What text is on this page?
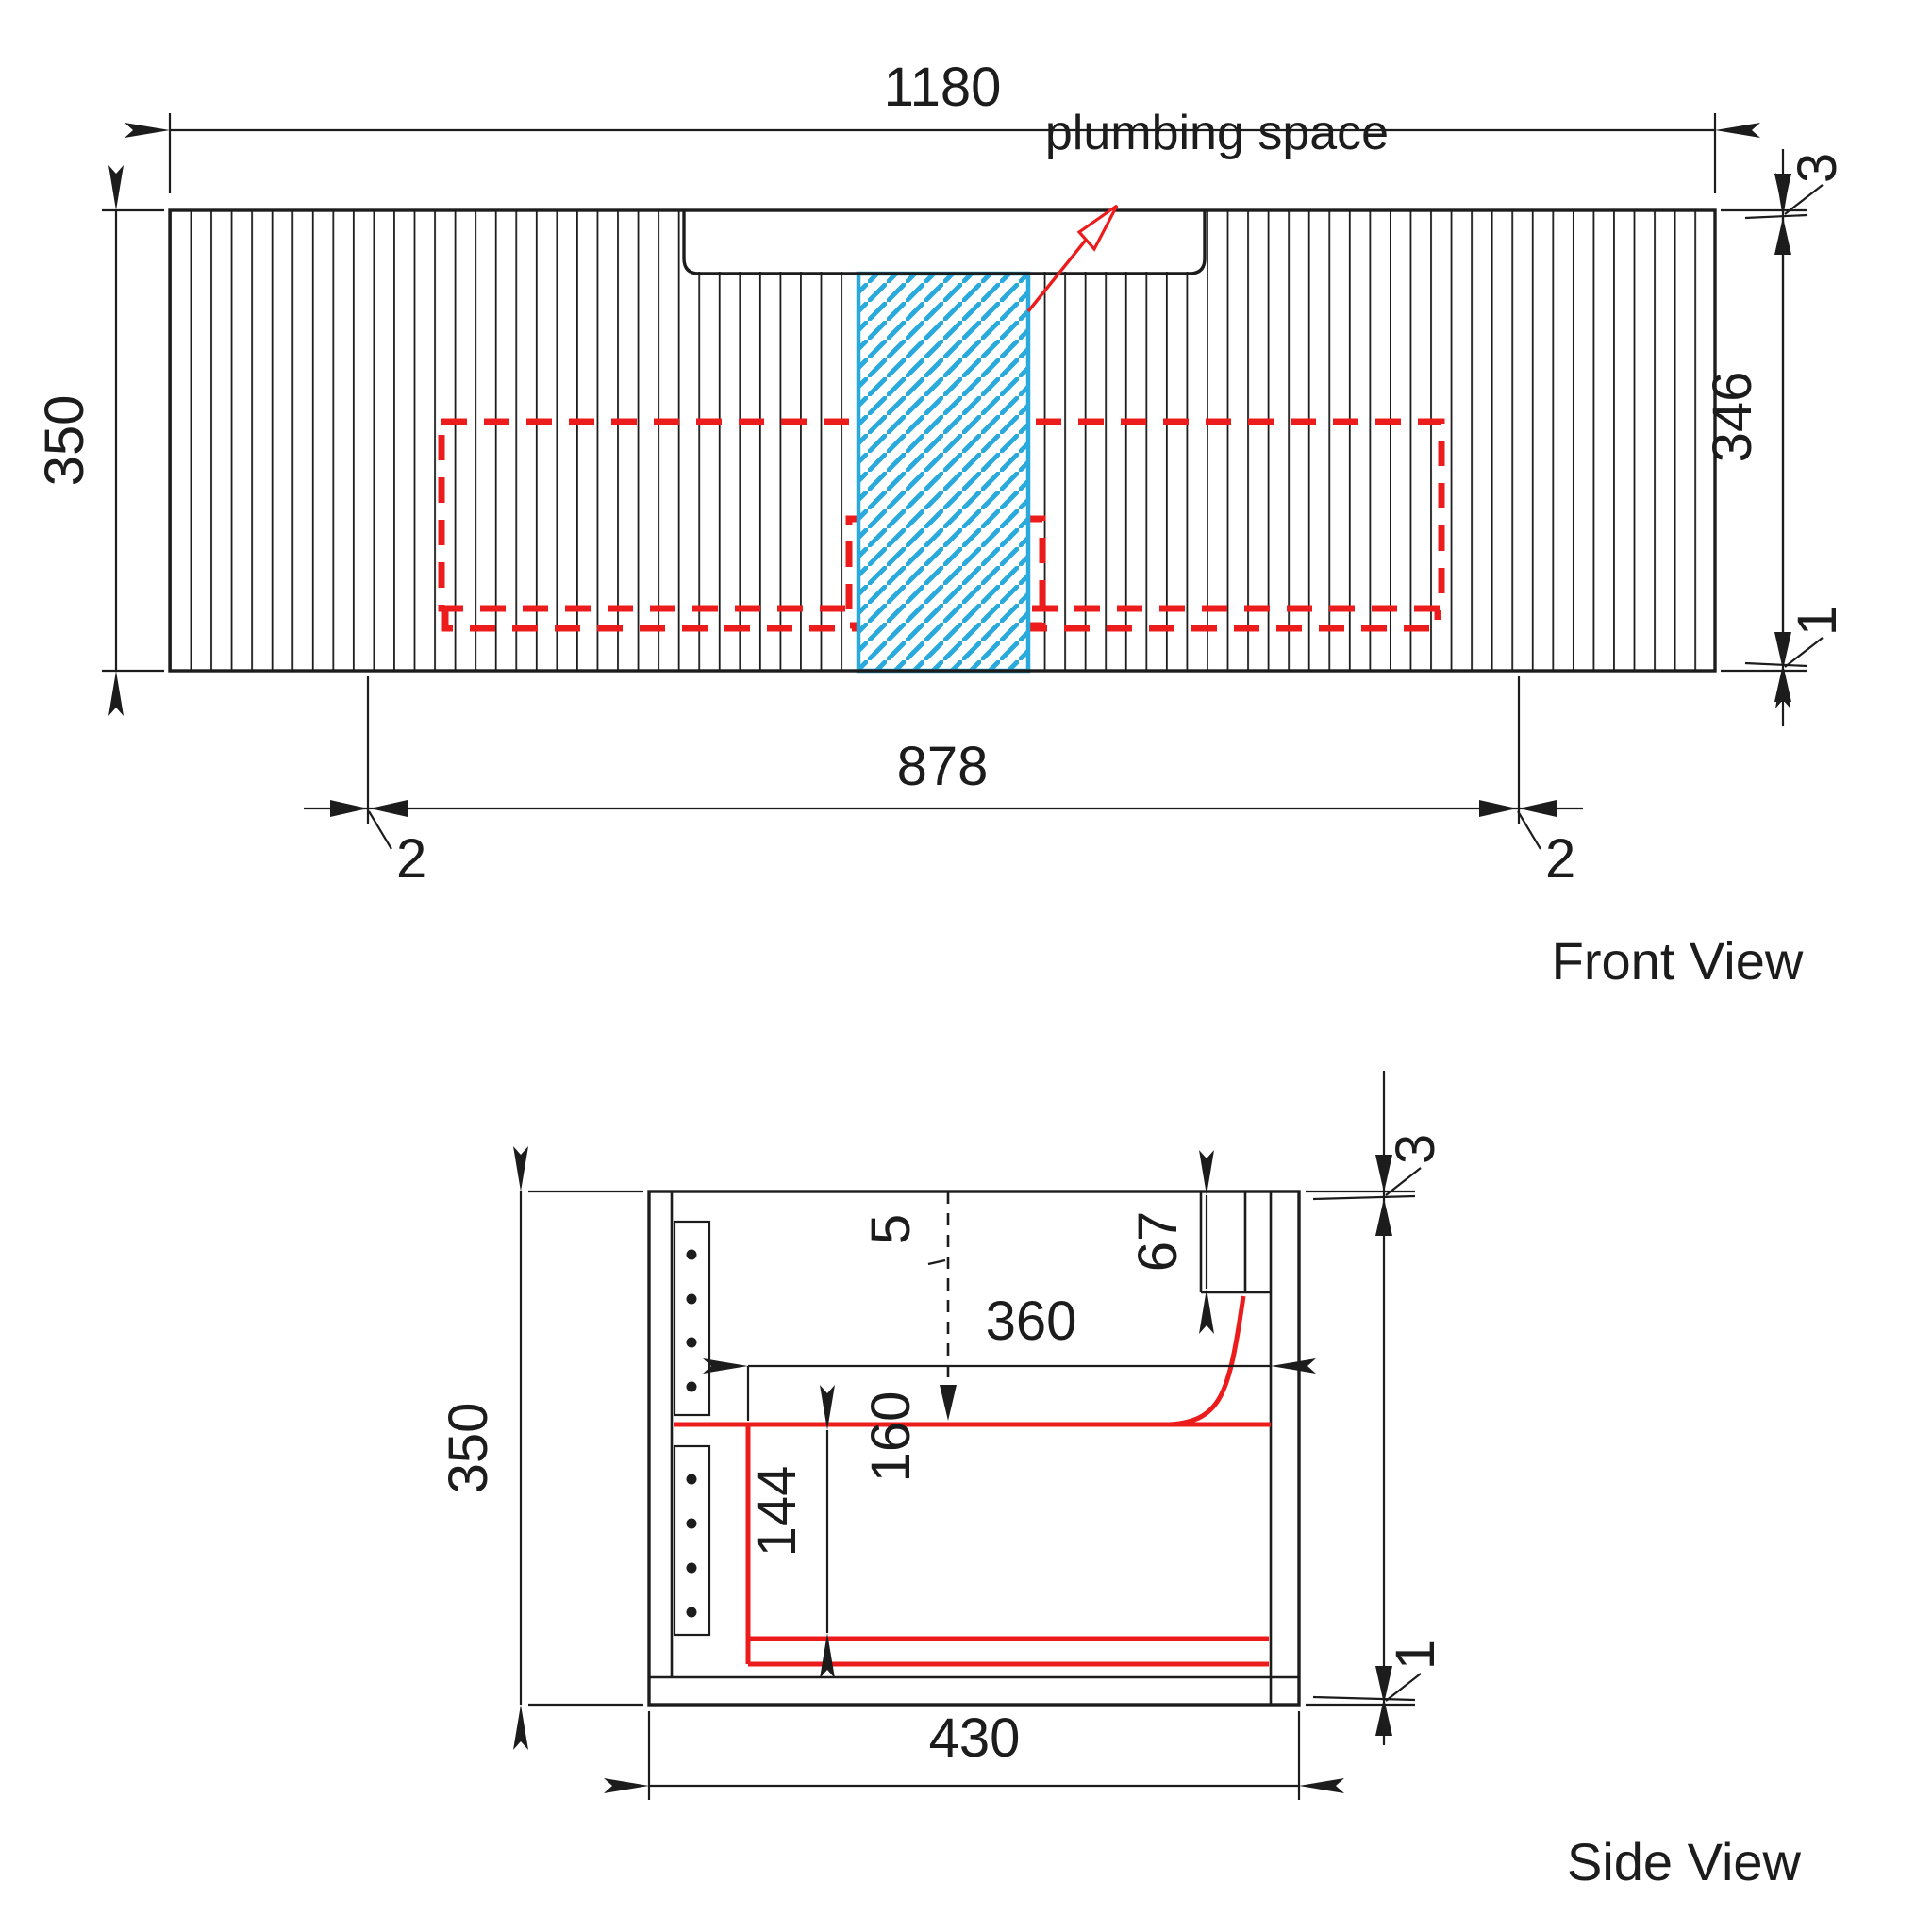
1180
plumbing space
350
3
346
1
878
2	2
Front View
350
430
360
160
5	67
144
3
1
Side View
